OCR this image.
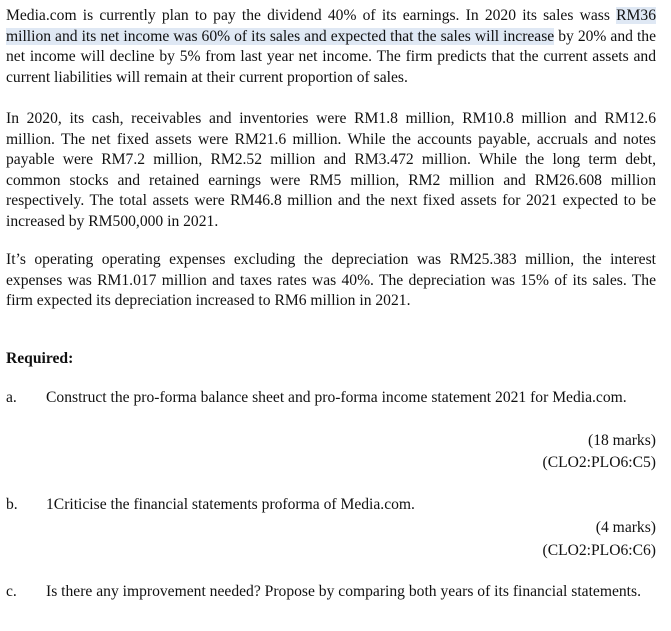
Media.com is currently plan to pay the dividend 40% of its earnings. In 2020 its sales wass RM36 million and its net income was 60% of its sales and expected that the sales will increase by 20% and the net income will decline by 5% from last year net income. The firm predicts that the current assets and current liabilities will remain at their current proportion of sales.

In 2020, its cash, receivables and inventories were RM1.8 million, RM10.8 million and RM12.6 million. The net fixed assets were RM21.6 million. While the accounts payable, accruals and notes payable were RM7.2 million, RM2.52 million and RM3.472 million. While the long term debt, common stocks and retained earnings were RM5 million, RM2 million and RM26.608 million respectively. The total assets were RM46.8 million and the next fixed assets for 2021 expected to be increased by RM500,000 in 2021.

It’s operating operating expenses excluding the depreciation was RM25.383 million, the interest expenses was RM1.017 million and taxes rates was 40%. The depreciation was 15% of its sales. The firm expected its depreciation increased to RM6 million in 2021.

Required:
a. Construct the pro-forma balance sheet and pro-forma income statement 2021 for Media.com.
(18 marks)
(CLO2:PLO6:C5)
b. 1Criticise the financial statements proforma of Media.com.
(4 marks)
(CLO2:PLO6:C6)
c. Is there any improvement needed? Propose by comparing both years of its financial statements.
